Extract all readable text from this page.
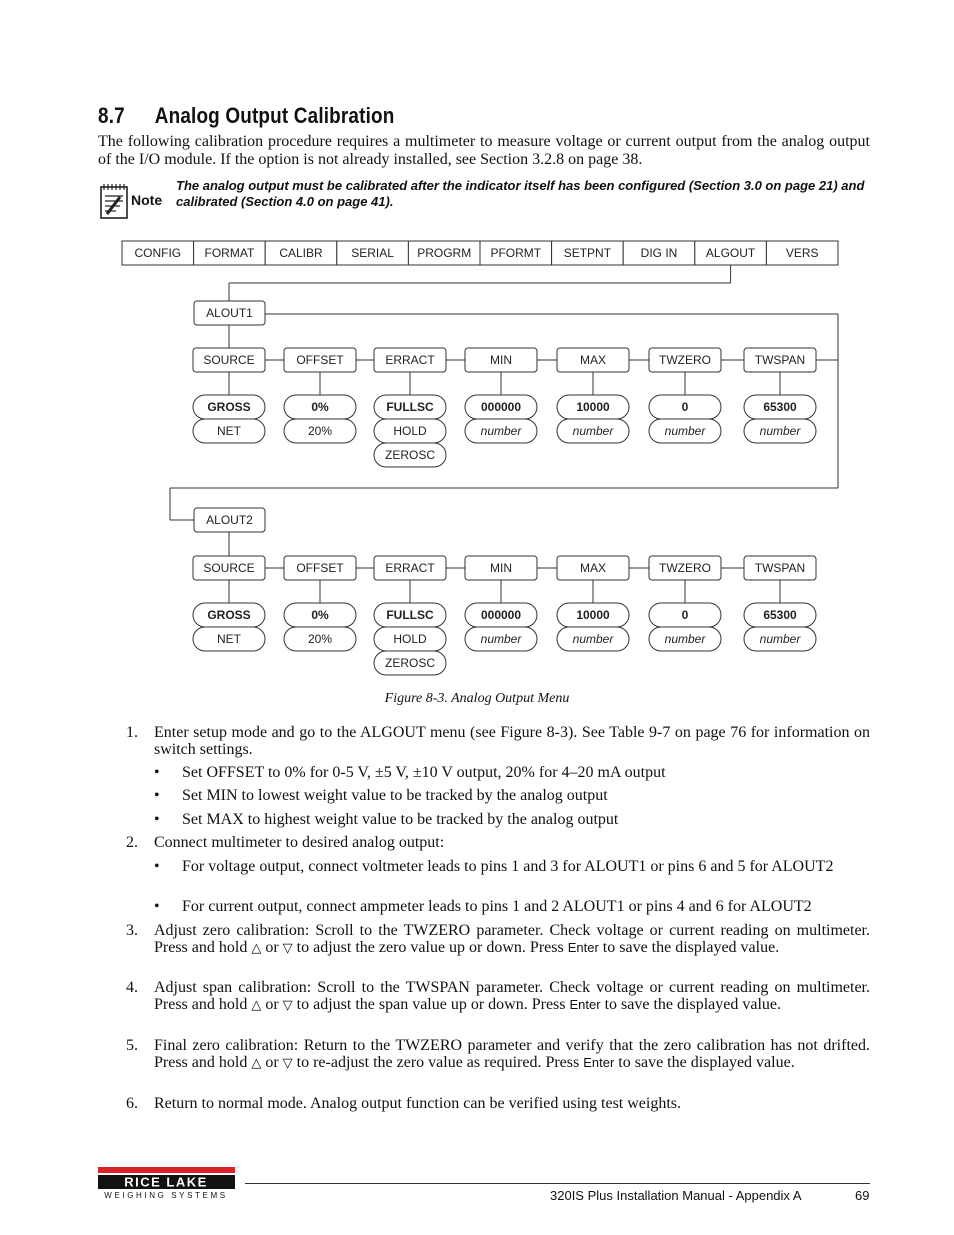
8.7 Analog Output Calibration
The following calibration procedure requires a multimeter to measure voltage or current output from the analog output of the I/O module. If the option is not already installed, see Section 3.2.8 on page 38.
Note
The analog output must be calibrated after the indicator itself has been configured (Section 3.0 on page 21) and calibrated (Section 4.0 on page 41).
CONFIG FORMAT CALIBR SERIAL PROGRM PFORMT SETPNT DIG IN ALGOUT	VERS
ALOUT1
SOURCE
GROSS
NET
OFFSET
0%
20%
ERRACT
FULLSC
HOLD
ZEROSC
MIN
000000
number
MAX
10000
number
TWZERO
0
number
TWSPAN
65300
number
ALOUT2
SOURCE
GROSS
NET
OFFSET
0%
20%
ERRACT
FULLSC
HOLD
ZEROSC
MIN
000000
number
MAX
10000
number
TWZERO
0
number
TWSPAN
65300
number
Figure 8-3. Analog Output Menu
1. Enter setup mode and go to the ALGOUT menu (see Figure 8-3). See Table 9-7 on page 76 for information on switch settings.
• Set OFFSET to 0% for 0-5 V, ±5 V, ±10 V output, 20% for 4–20 mA output
• Set MIN to lowest weight value to be tracked by the analog output
• Set MAX to highest weight value to be tracked by the analog output
2. Connect multimeter to desired analog output:
• For voltage output, connect voltmeter leads to pins 1 and 3 for ALOUT1 or pins 6 and 5 for ALOUT2
• For current output, connect ampmeter leads to pins 1 and 2 ALOUT1 or pins 4 and 6 for ALOUT2
3. Adjust zero calibration: Scroll to the TWZERO parameter. Check voltage or current reading on multimeter. Press and hold △ or ▽ to adjust the zero value up or down. Press Enter to save the displayed value.
4. Adjust span calibration: Scroll to the TWSPAN parameter. Check voltage or current reading on multimeter. Press and hold △ or ▽ to adjust the span value up or down. Press Enter to save the displayed value.
5. Final zero calibration: Return to the TWZERO parameter and verify that the zero calibration has not drifted. Press and hold △ or ▽ to re-adjust the zero value as required. Press Enter to save the displayed value.
6. Return to normal mode. Analog output function can be verified using test weights.
RICE LAKE
WEIGHING SYSTEMS	320IS Plus Installation Manual - Appendix A	69
